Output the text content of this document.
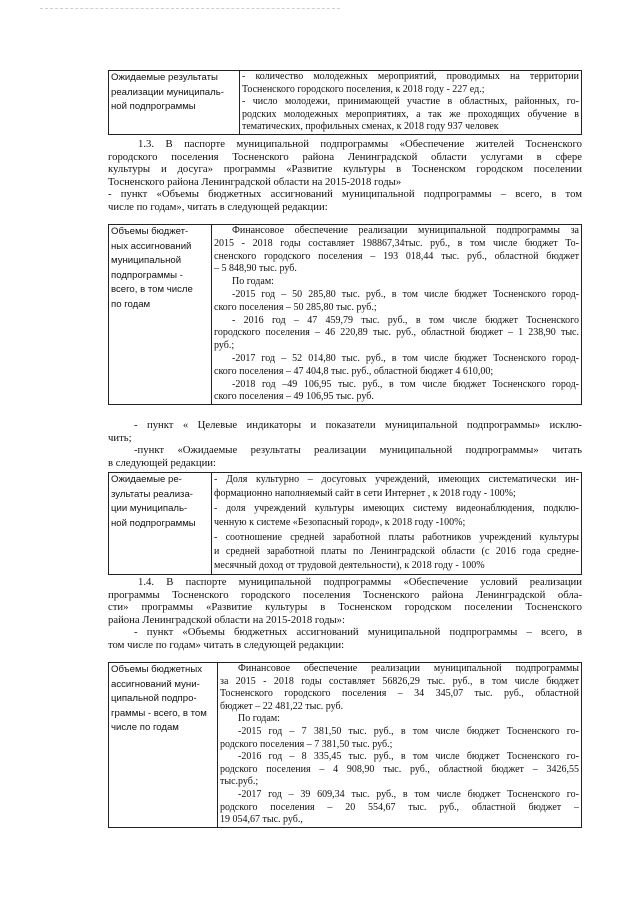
Ожидаемые результаты
реализации муниципаль-
ной подпрограммы

- количество молодежных мероприятий, проводимых на территории
Тосненского городского поселения, к 2018 году - 227 ед.;
- число молодежи, принимающей участие в областных, районных, го-
родских молодежных мероприятиях, а так же проходящих обучение в
тематических, профильных сменах, к 2018 году 937 человек
1.3. В паспорте муниципальной подпрограммы «Обеспечение жителей Тосненского
городского поселения Тосненского района Ленинградской области услугами в сфере
культуры и досуга» программы «Развитие культуры в Тосненском городском поселении
Тосненского района Ленинградской области на 2015-2018 годы»
- пункт «Объемы бюджетных ассигнований муниципальной подпрограммы – всего, в том
числе по годам», читать в следующей редакции:
Объемы бюджет-
ных ассигнований
муниципальной
подпрограммы -
всего, в том числе
по годам

Финансовое обеспечение реализации муниципальной подпрограммы за
2015 - 2018 годы составляет 198867,34тыс. руб., в том числе бюджет То-
сненского городского поселения – 193 018,44 тыс. руб., областной бюджет
– 5 848,90 тыс. руб.
По годам:
-2015 год – 50 285,80 тыс. руб., в том числе бюджет Тосненского город-
ского поселения – 50 285,80 тыс. руб.;
- 2016 год – 47 459,79 тыс. руб., в том числе бюджет Тосненского
городского поселения – 46 220,89 тыс. руб., областной бюджет – 1 238,90 тыс.
руб.;
-2017 год – 52 014,80 тыс. руб., в том числе бюджет Тосненского город-
ского поселения – 47 404,8 тыс. руб., областной бюджет 4 610,00;
-2018 год –49 106,95 тыс. руб., в том числе бюджет Тосненского город-
ского поселения – 49 106,95 тыс. руб.
- пункт « Целевые индикаторы и показатели муниципальной подпрограммы» исклю-
чить;
-пункт «Ожидаемые результаты реализации муниципальной подпрограммы» читать
в следующей редакции:
Ожидаемые ре-
зультаты реализа-
ции муниципаль-
ной подпрограммы

- Доля культурно – досуговых учреждений, имеющих систематически ин-
формационно наполняемый сайт в сети Интернет , к 2018 году - 100%;
- доля учреждений культуры имеющих систему видеонаблюдения, подклю-
ченную к системе «Безопасный город», к 2018 году -100%;
- соотношение средней заработной платы работников учреждений культуры
и средней заработной платы по Ленинградской области (с 2016 года средне-
месячный доход от трудовой деятельности), к 2018 году - 100%
1.4. В паспорте муниципальной подпрограммы «Обеспечение условий реализации
программы Тосненского городского поселения Тосненского района Ленинградской обла-
сти» программы «Развитие культуры в Тосненском городском поселении Тосненского
района Ленинградской области на 2015-2018 годы»:
- пункт «Объемы бюджетных ассигнований муниципальной подпрограммы – всего, в
том числе по годам» читать в следующей редакции:
Объемы бюджетных
ассигнований муни-
ципальной подпро-
граммы - всего, в том
числе по годам

Финансовое обеспечение реализации муниципальной подпрограммы
за 2015 - 2018 годы составляет 56826,29 тыс. руб., в том числе бюджет
Тосненского городского поселения – 34 345,07 тыс. руб., областной
бюджет – 22 481,22 тыс. руб.
По годам:
-2015 год – 7 381,50 тыс. руб., в том числе бюджет Тосненского го-
родского поселения – 7 381,50 тыс. руб.;
-2016 год – 8 335,45 тыс. руб., в том числе бюджет Тосненского го-
родского поселения – 4 908,90 тыс. руб., областной бюджет – 3426,55
тыс.руб.;
-2017 год – 39 609,34 тыс. руб., в том числе бюджет Тосненского го-
родского поселения – 20 554,67 тыс. руб., областной бюджет –
19 054,67 тыс. руб.,
